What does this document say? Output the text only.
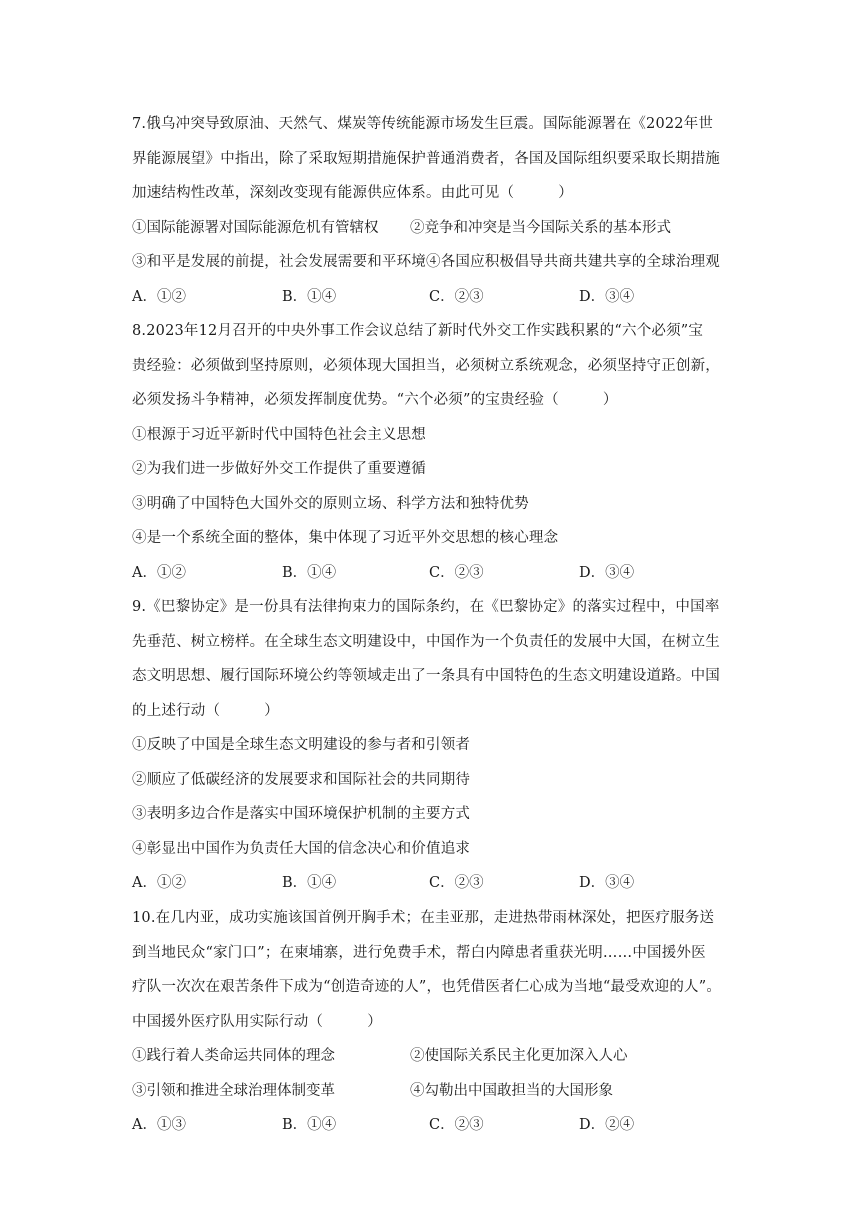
7.俄乌冲突导致原油、天然气、煤炭等传统能源市场发生巨震。国际能源署在《2022年世
界能源展望》中指出，除了采取短期措施保护普通消费者，各国及国际组织要采取长期措施
加速结构性改革，深刻改变现有能源供应体系。由此可见（　　　）
①国际能源署对国际能源危机有管辖权 ②竞争和冲突是当今国际关系的基本形式
③和平是发展的前提，社会发展需要和平环境④各国应积极倡导共商共建共享的全球治理观
A．①②	B．①④	C．②③	D．③④
8.2023年12月召开的中央外事工作会议总结了新时代外交工作实践积累的“六个必须”宝
贵经验：必须做到坚持原则，必须体现大国担当，必须树立系统观念，必须坚持守正创新，
必须发扬斗争精神，必须发挥制度优势。“六个必须”的宝贵经验（　　　）
①根源于习近平新时代中国特色社会主义思想
②为我们进一步做好外交工作提供了重要遵循
③明确了中国特色大国外交的原则立场、科学方法和独特优势
④是一个系统全面的整体，集中体现了习近平外交思想的核心理念
A．①②	B．①④	C．②③	D．③④
9.《巴黎协定》是一份具有法律拘束力的国际条约，在《巴黎协定》的落实过程中，中国率
先垂范、树立榜样。在全球生态文明建设中，中国作为一个负责任的发展中大国，在树立生
态文明思想、履行国际环境公约等领域走出了一条具有中国特色的生态文明建设道路。中国
的上述行动（　　　）
①反映了中国是全球生态文明建设的参与者和引领者
②顺应了低碳经济的发展要求和国际社会的共同期待
③表明多边合作是落实中国环境保护机制的主要方式
④彰显出中国作为负责任大国的信念决心和价值追求
A．①②	B．①④	C．②③	D．③④
10.在几内亚，成功实施该国首例开胸手术；在圭亚那，走进热带雨林深处，把医疗服务送
到当地民众“家门口”；在柬埔寨，进行免费手术，帮白内障患者重获光明……中国援外医
疗队一次次在艰苦条件下成为“创造奇迹的人”，也凭借医者仁心成为当地“最受欢迎的人”。
中国援外医疗队用实际行动（　　　）
①践行着人类命运共同体的理念	②使国际关系民主化更加深入人心
③引领和推进全球治理体制变革	④勾勒出中国敢担当的大国形象
A．①③	B．①④	C．②③	D．②④
